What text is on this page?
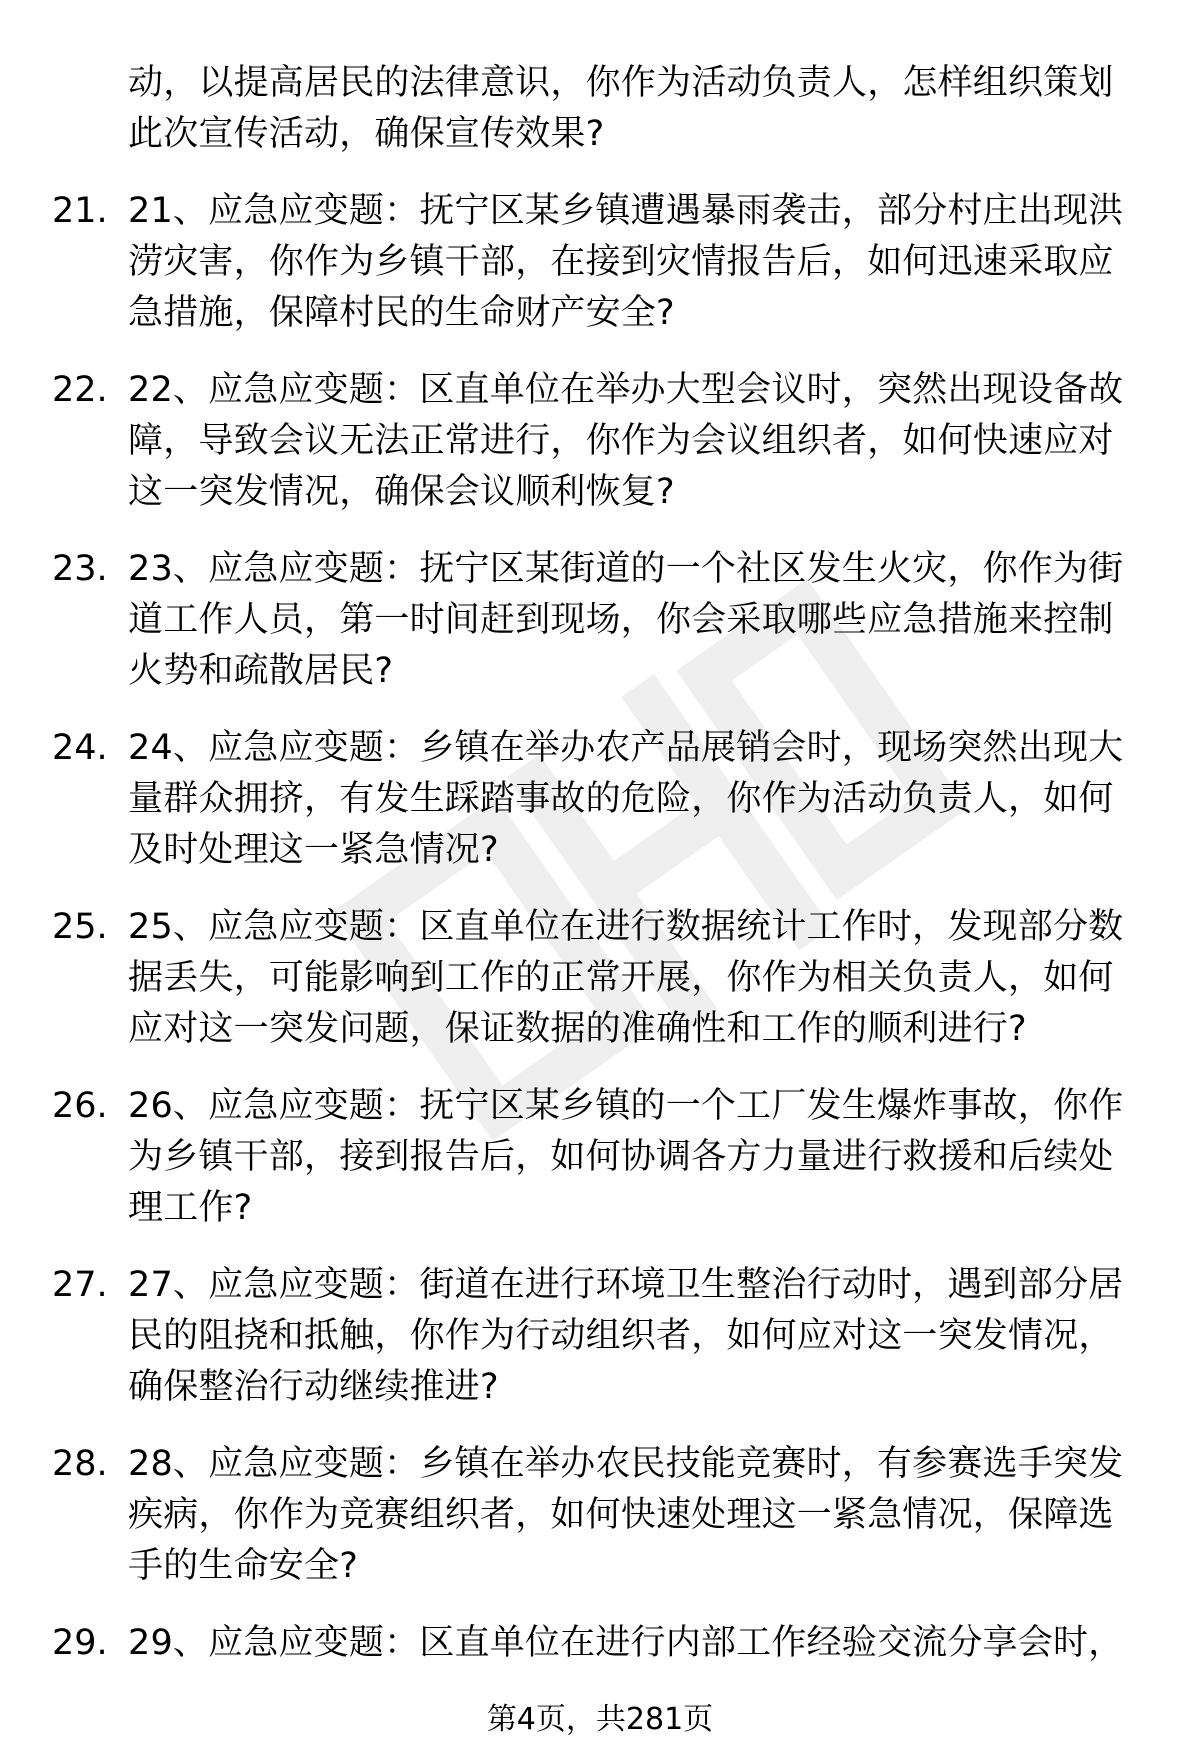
动，以提高居民的法律意识，你作为活动负责人，怎样组织策划此次宣传活动，确保宣传效果?
21. 21、应急应变题：抚宁区某乡镇遭遇暴雨袭击，部分村庄出现洪涝灾害，你作为乡镇干部，在接到灾情报告后，如何迅速采取应急措施，保障村民的生命财产安全?
22. 22、应急应变题：区直单位在举办大型会议时，突然出现设备故障，导致会议无法正常进行，你作为会议组织者，如何快速应对这一突发情况，确保会议顺利恢复?
23. 23、应急应变题：抚宁区某街道的一个社区发生火灾，你作为街道工作人员，第一时间赶到现场，你会采取哪些应急措施来控制火势和疏散居民?
24. 24、应急应变题：乡镇在举办农产品展销会时，现场突然出现大量群众拥挤，有发生踩踏事故的危险，你作为活动负责人，如何及时处理这一紧急情况?
25. 25、应急应变题：区直单位在进行数据统计工作时，发现部分数据丢失，可能影响到工作的正常开展，你作为相关负责人，如何应对这一突发问题，保证数据的准确性和工作的顺利进行?
26. 26、应急应变题：抚宁区某乡镇的一个工厂发生爆炸事故，你作为乡镇干部，接到报告后，如何协调各方力量进行救援和后续处理工作?
27. 27、应急应变题：街道在进行环境卫生整治行动时，遇到部分居民的阻挠和抵触，你作为行动组织者，如何应对这一突发情况，确保整治行动继续推进?
28. 28、应急应变题：乡镇在举办农民技能竞赛时，有参赛选手突发疾病，你作为竞赛组织者，如何快速处理这一紧急情况，保障选手的生命安全?
29. 29、应急应变题：区直单位在进行内部工作经验交流分享会时，
第4页，共281页
